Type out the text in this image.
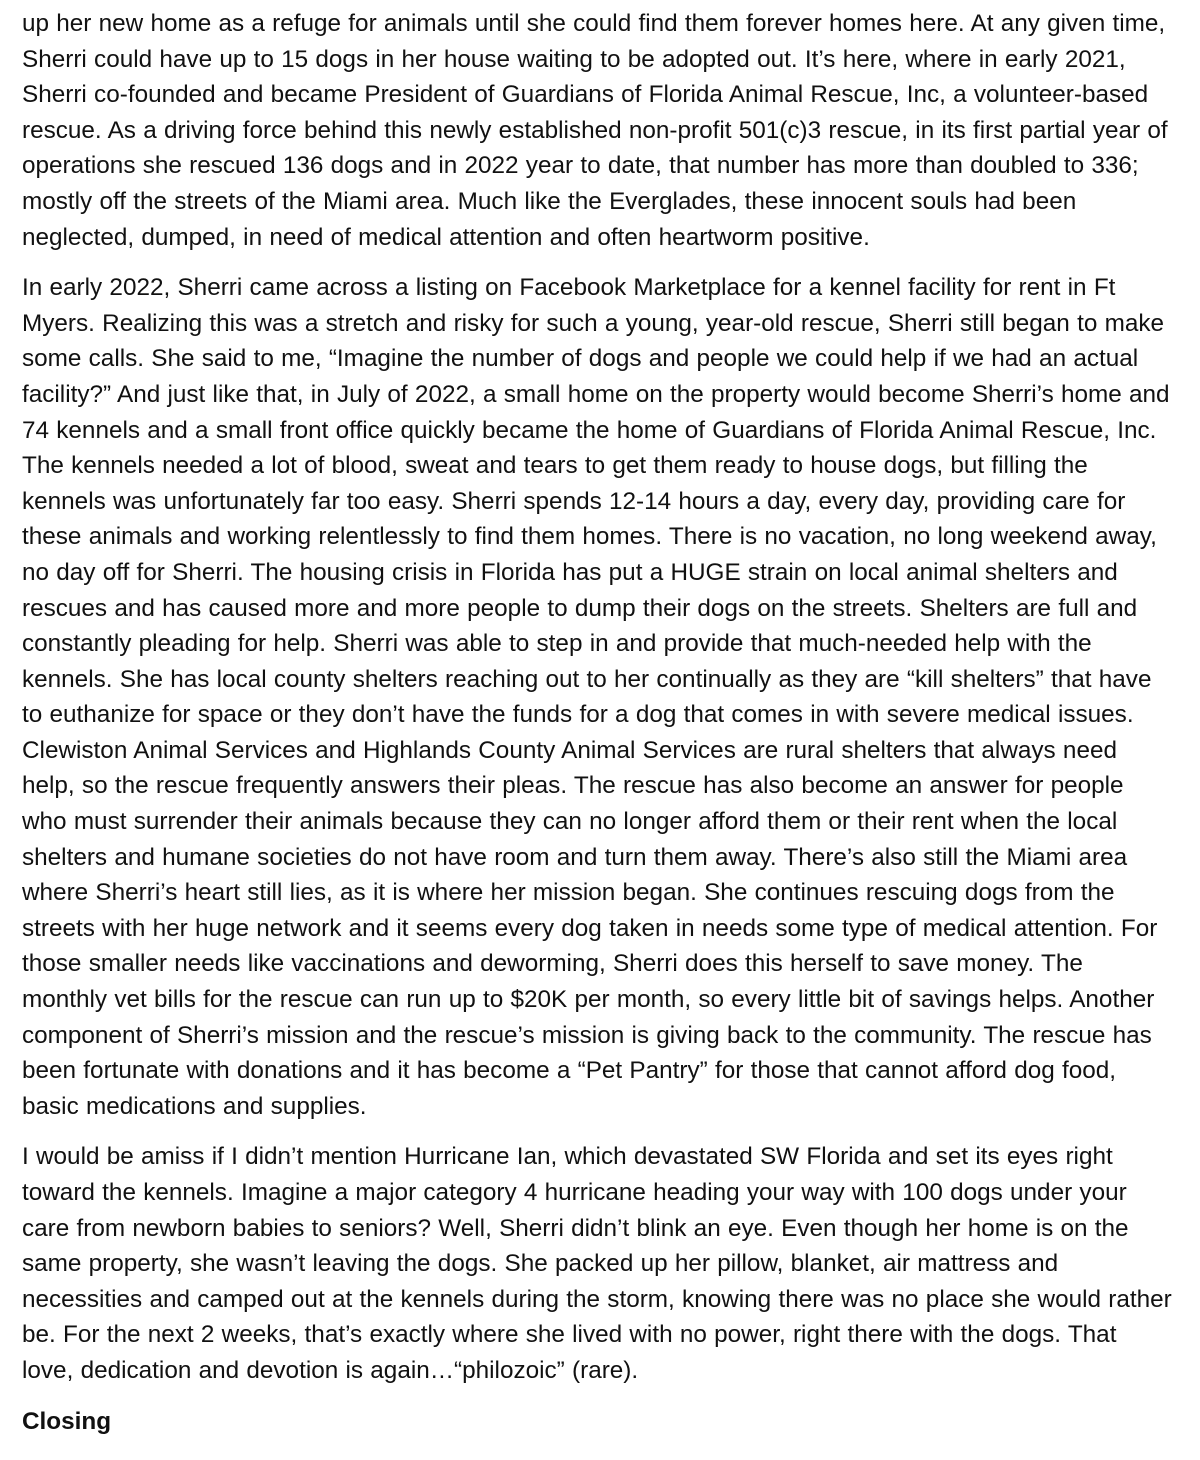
up her new home as a refuge for animals until she could find them forever homes here. At any given time, Sherri could have up to 15 dogs in her house waiting to be adopted out. It’s here, where in early 2021, Sherri co-founded and became President of Guardians of Florida Animal Rescue, Inc, a volunteer-based rescue. As a driving force behind this newly established non-profit 501(c)3 rescue, in its first partial year of operations she rescued 136 dogs and in 2022 year to date, that number has more than doubled to 336; mostly off the streets of the Miami area. Much like the Everglades, these innocent souls had been neglected, dumped, in need of medical attention and often heartworm positive.

In early 2022, Sherri came across a listing on Facebook Marketplace for a kennel facility for rent in Ft Myers. Realizing this was a stretch and risky for such a young, year-old rescue, Sherri still began to make some calls. She said to me, “Imagine the number of dogs and people we could help if we had an actual facility?” And just like that, in July of 2022, a small home on the property would become Sherri’s home and 74 kennels and a small front office quickly became the home of Guardians of Florida Animal Rescue, Inc. The kennels needed a lot of blood, sweat and tears to get them ready to house dogs, but filling the kennels was unfortunately far too easy. Sherri spends 12-14 hours a day, every day, providing care for these animals and working relentlessly to find them homes. There is no vacation, no long weekend away, no day off for Sherri. The housing crisis in Florida has put a HUGE strain on local animal shelters and rescues and has caused more and more people to dump their dogs on the streets. Shelters are full and constantly pleading for help. Sherri was able to step in and provide that much-needed help with the kennels. She has local county shelters reaching out to her continually as they are “kill shelters” that have to euthanize for space or they don’t have the funds for a dog that comes in with severe medical issues. Clewiston Animal Services and Highlands County Animal Services are rural shelters that always need help, so the rescue frequently answers their pleas. The rescue has also become an answer for people who must surrender their animals because they can no longer afford them or their rent when the local shelters and humane societies do not have room and turn them away. There’s also still the Miami area where Sherri’s heart still lies, as it is where her mission began. She continues rescuing dogs from the streets with her huge network and it seems every dog taken in needs some type of medical attention. For those smaller needs like vaccinations and deworming, Sherri does this herself to save money. The monthly vet bills for the rescue can run up to $20K per month, so every little bit of savings helps. Another component of Sherri’s mission and the rescue’s mission is giving back to the community. The rescue has been fortunate with donations and it has become a “Pet Pantry” for those that cannot afford dog food, basic medications and supplies.

I would be amiss if I didn’t mention Hurricane Ian, which devastated SW Florida and set its eyes right toward the kennels. Imagine a major category 4 hurricane heading your way with 100 dogs under your care from newborn babies to seniors? Well, Sherri didn’t blink an eye. Even though her home is on the same property, she wasn’t leaving the dogs. She packed up her pillow, blanket, air mattress and necessities and camped out at the kennels during the storm, knowing there was no place she would rather be. For the next 2 weeks, that’s exactly where she lived with no power, right there with the dogs. That love, dedication and devotion is again…“philozoic” (rare).

Closing
